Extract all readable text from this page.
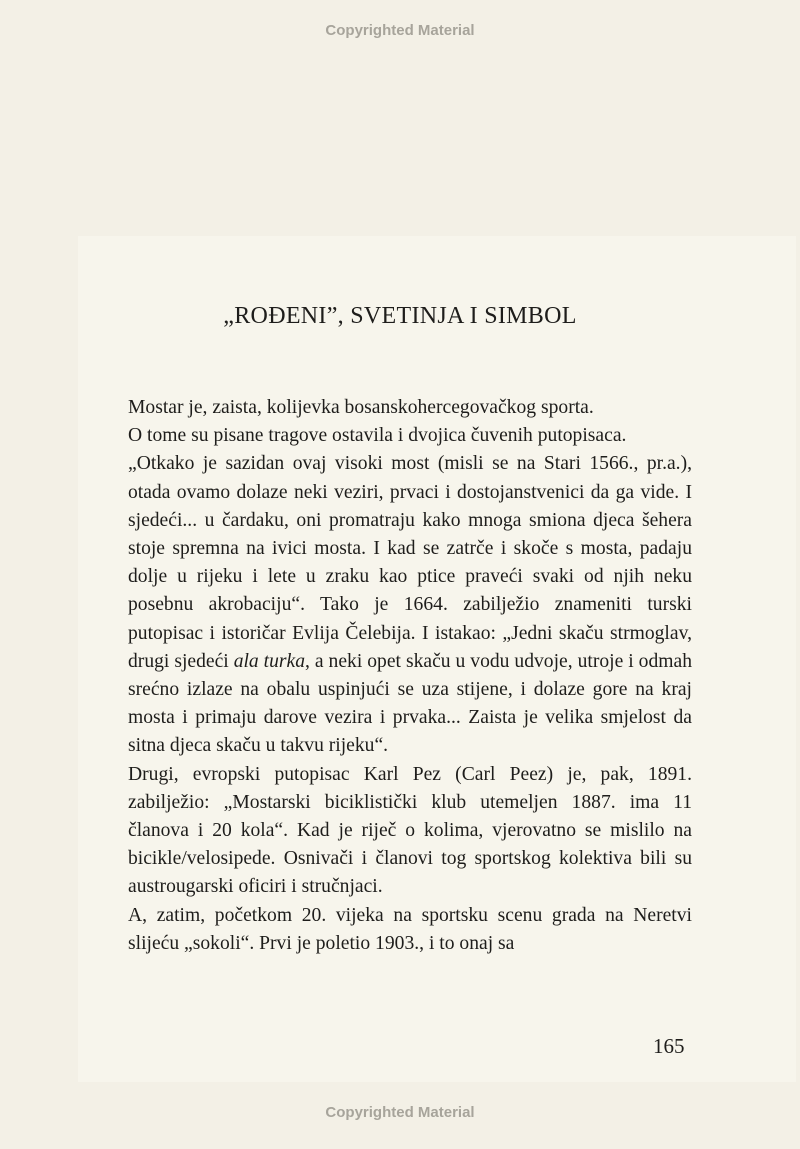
Copyrighted Material
„ROĐENI”, SVETINJA I SIMBOL

Mostar je, zaista, kolijevka bosanskohercegovačkog sporta.

O tome su pisane tragove ostavila i dvojica čuvenih putopisaca.

„Otkako je sazidan ovaj visoki most (misli se na Stari 1566., pr.a.), otada ovamo dolaze neki veziri, prvaci i dostojanstvenici da ga vide. I sjedeći... u čardaku, oni promatraju kako mnoga smiona djeca šehera stoje spremna na ivici mosta. I kad se zatrče i skoče s mosta, padaju dolje u rijeku i lete u zraku kao ptice praveći svaki od njih neku posebnu akrobaciju“. Tako je 1664. zabilježio znameniti turski putopisac i istoričar Evlija Čelebija. I istakao: „Jedni skaču strmoglav, drugi sjedeći ala turka, a neki opet skaču u vodu udvoje, utroje i odmah srećno izlaze na obalu uspinjući se uza stijene, i dolaze gore na kraj mosta i primaju darove vezira i prvaka... Zaista je velika smjelost da sitna djeca skaču u takvu rijeku“.

Drugi, evropski putopisac Karl Pez (Carl Peez) je, pak, 1891. zabilježio: „Mostarski biciklistički klub utemeljen 1887. ima 11 članova i 20 kola“. Kad je riječ o kolima, vjerovatno se mislilo na bicikle/velosipede. Osnivači i članovi tog sportskog kolektiva bili su austrougarski oficiri i stručnjaci.

A, zatim, početkom 20. vijeka na sportsku scenu grada na Neretvi slijeću „sokoli“. Prvi je poletio 1903., i to onaj sa

165
Copyrighted Material
